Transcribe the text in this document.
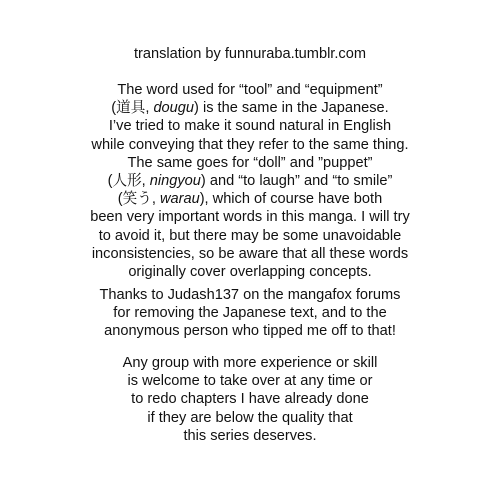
translation by funnuraba.tumblr.com
The word used for “tool” and “equipment”
(道具, dougu) is the same in the Japanese.
I’ve tried to make it sound natural in English
while conveying that they refer to the same thing.
The same goes for “doll” and ”puppet”
(人形, ningyou) and “to laugh” and “to smile”
(笑う, warau), which of course have both
been very important words in this manga. I will try
to avoid it, but there may be some unavoidable
inconsistencies, so be aware that all these words
originally cover overlapping concepts.
Thanks to Judash137 on the mangafox forums
for removing the Japanese text, and to the
anonymous person who tipped me off to that!
Any group with more experience or skill
is welcome to take over at any time or
to redo chapters I have already done
if they are below the quality that
this series deserves.
